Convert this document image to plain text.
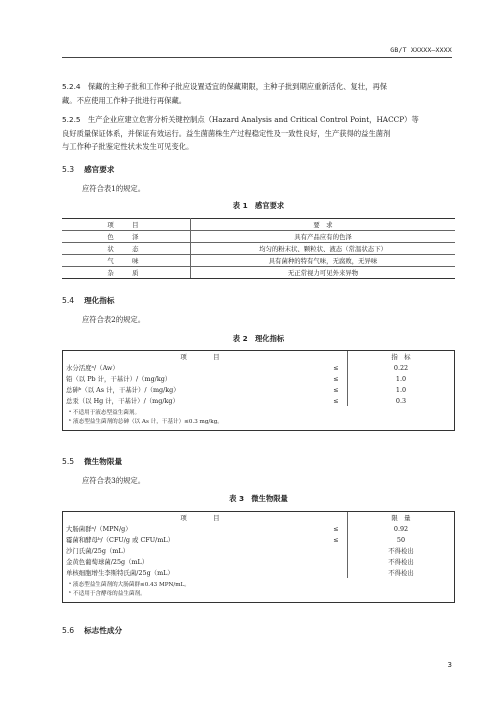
GB/T XXXXX—XXXX

5.2.4　 保藏的主种子批和工作种子批应设置适宜的保藏期限，主种子批到期应重新活化、复壮，再保

藏。不应使用工作种子批进行再保藏。

5.2.5　 生产企业应建立危害分析关键控制点（Hazard Analysis and Critical Control Point，HACCP）等

良好质量保证体系，并保证有效运行。益生菌菌株生产过程稳定性及一致性良好，生产获得的益生菌剂

与工作种子批鉴定性状未发生可见变化。

5.3 感官要求
应符合表1的规定。
表 1　感官要求
项　目	要　求
色　泽	具有产品应有的色泽
状　态	均匀的粉末状、颗粒状、液态（常温状态下）
气　味	具有菌种的特有气味，无腐败，无异味
杂　质	无正常视力可见外来异物
5.4 理化指标
应符合表2的规定。
表 2　理化指标
项　目		指　标
水分活度ᵃ/（Aw）	≤	0.22
铅（以 Pb 计，干基计）/（mg/kg）	≤	1.0
总砷ᵇ（以 As 计，干基计）/（mg/kg）	≤	1.0
总汞（以 Hg 计，干基计）/（mg/kg）	≤	0.3
ᵃ 不适用于液态型益生菌剂。
ᵇ 液态型益生菌剂的总砷（以 As 计，干基计）≤0.3 mg/kg。
5.5 微生物限量
应符合表3的规定。
表 3　微生物限量
项　目		限　量
大肠菌群ᵃ/（MPN/g）	≤	0.92
霉菌和酵母ᵇ/（CFU/g 或 CFU/mL）	≤	50
沙门氏菌/25g（mL）		不得检出
金黄色葡萄球菌/25g（mL）		不得检出
单核细胞增生李斯特氏菌/25g（mL）		不得检出
ᵃ 液态型益生菌剂的大肠菌群≤0.43 MPN/mL。
ᵇ 不适用于含酵母的益生菌剂。
5.6 标志性成分
3
